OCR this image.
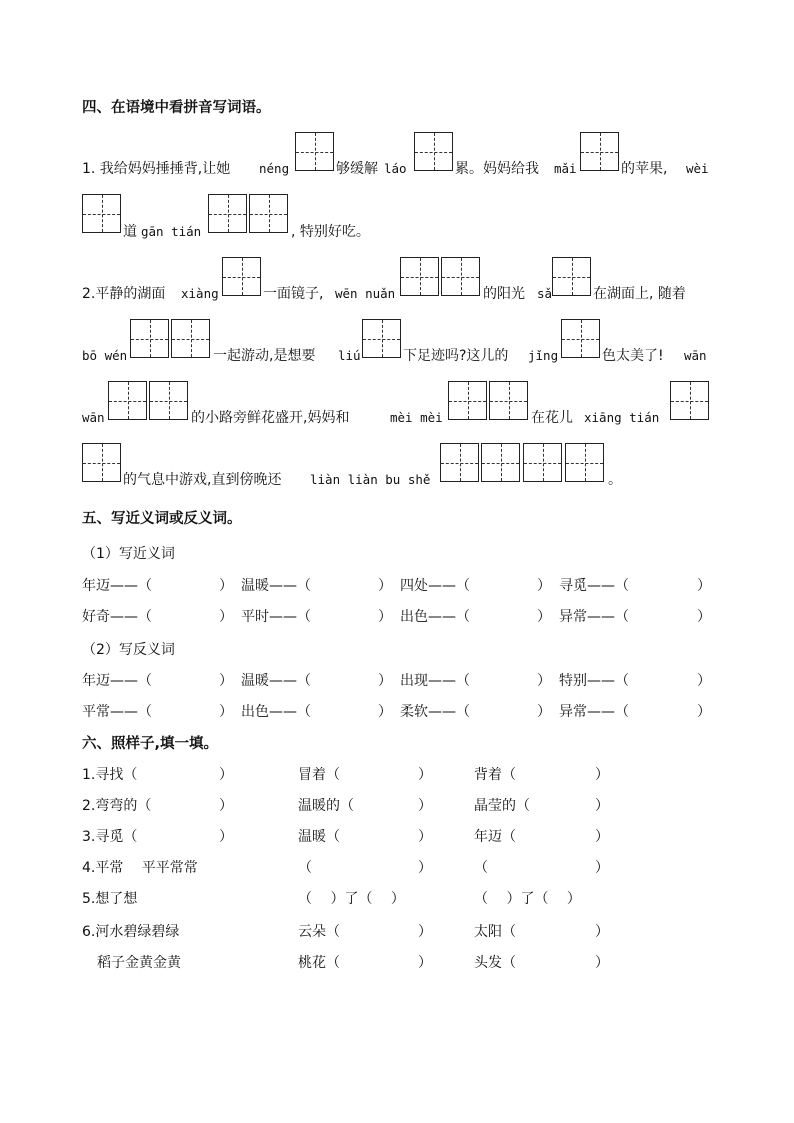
四、在语境中看拼音写词语。
1. 我给妈妈捶捶背,让她 néng	够缓解 láo	累。妈妈给我 mǎi	的苹果, wèi
道 gān tián	, 特别好吃。
2.平静的湖面 xiàng	一面镜子, wēn nuǎn	的阳光 sǎ	在湖面上, 随着
bō wén	一起游动,是想要 liú	下足迹吗?这儿的 jǐng	色太美了! wān
wān	的小路旁鲜花盛开,妈妈和	mèi mèi	在花儿 xiāng tián
的气息中游戏,直到傍晚还 liàn liàn bu shě	。
五、写近义词或反义词。
（1）写近义词
年迈——（	） 温暖——（	） 四处——（	） 寻觅——（	）
好奇——（	） 平时——（	） 出色——（	） 异常——（	）
（2）写反义词
年迈——（	） 温暖——（	） 出现——（	） 特别——（	）
平常——（	） 出色——（	） 柔软——（	） 异常——（	）
六、照样子,填一填。
1.寻找（	）	冒着（	）	背着（	）
2.弯弯的（	）	温暖的（	）	晶莹的（	）
3.寻觅（	）	温暖（	）	年迈（	）
4.平常　 平平常常	（	）	（	）
5.想了想	（　 ）了（　 ）	（　 ）了（　 ）
6.河水碧绿碧绿	云朵（	）	太阳（	）
稻子金黄金黄	桃花（	）	头发（	）
